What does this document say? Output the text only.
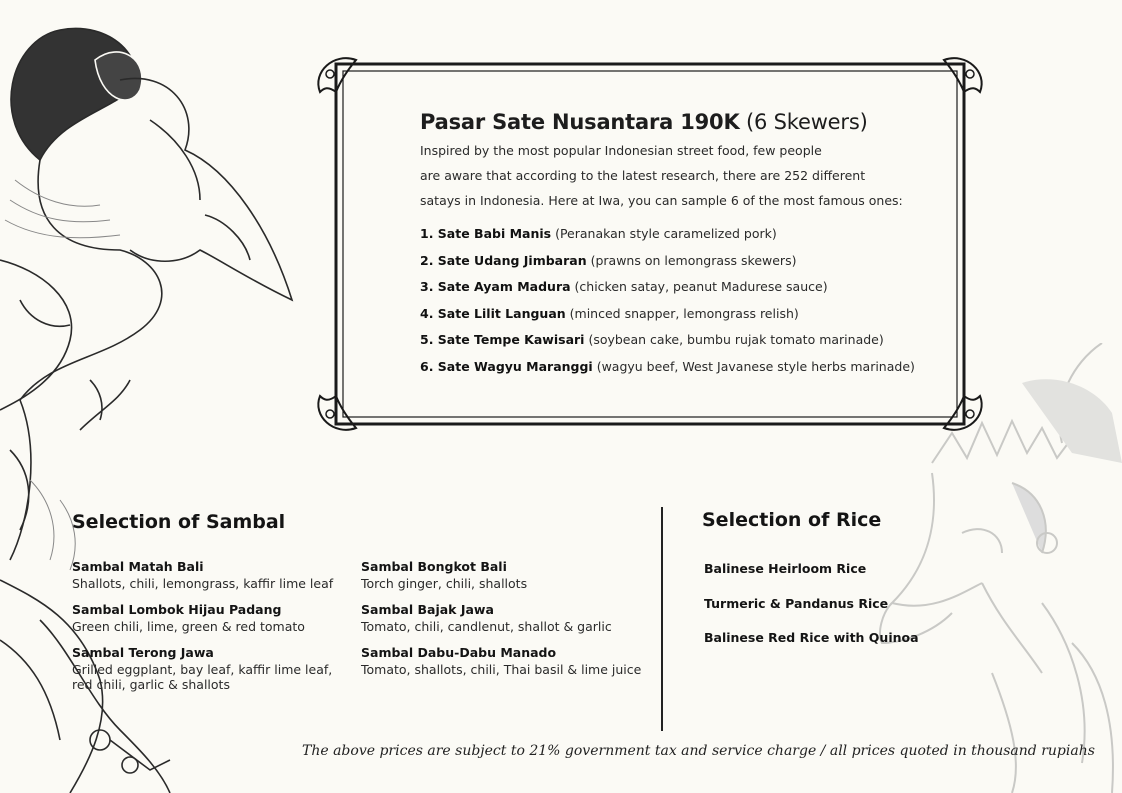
Pasar Sate Nusantara 190K (6 Skewers)

Inspired by the most popular Indonesian street food, few people
are aware that according to the latest research, there are 252 different
satays in Indonesia. Here at Iwa, you can sample 6 of the most famous ones:

1. Sate Babi Manis (Peranakan style caramelized pork)
2. Sate Udang Jimbaran (prawns on lemongrass skewers)
3. Sate Ayam Madura (chicken satay, peanut Madurese sauce)
4. Sate Lilit Languan (minced snapper, lemongrass relish)
5. Sate Tempe Kawisari (soybean cake, bumbu rujak tomato marinade)
6. Sate Wagyu Maranggi (wagyu beef, West Javanese style herbs marinade)
Selection of Sambal
Sambal Matah Bali
Shallots, chili, lemongrass, kaffir lime leaf
Sambal Lombok Hijau Padang
Green chili, lime, green & red tomato
Sambal Terong Jawa
Grilled eggplant, bay leaf, kaffir lime leaf, red chili, garlic & shallots
Sambal Bongkot Bali
Torch ginger, chili, shallots
Sambal Bajak Jawa
Tomato, chili, candlenut, shallot & garlic
Sambal Dabu-Dabu Manado
Tomato, shallots, chili, Thai basil & lime juice
Selection of Rice
Balinese Heirloom Rice
Turmeric & Pandanus Rice
Balinese Red Rice with Quinoa
The above prices are subject to 21% government tax and service charge / all prices quoted in thousand rupiahs
